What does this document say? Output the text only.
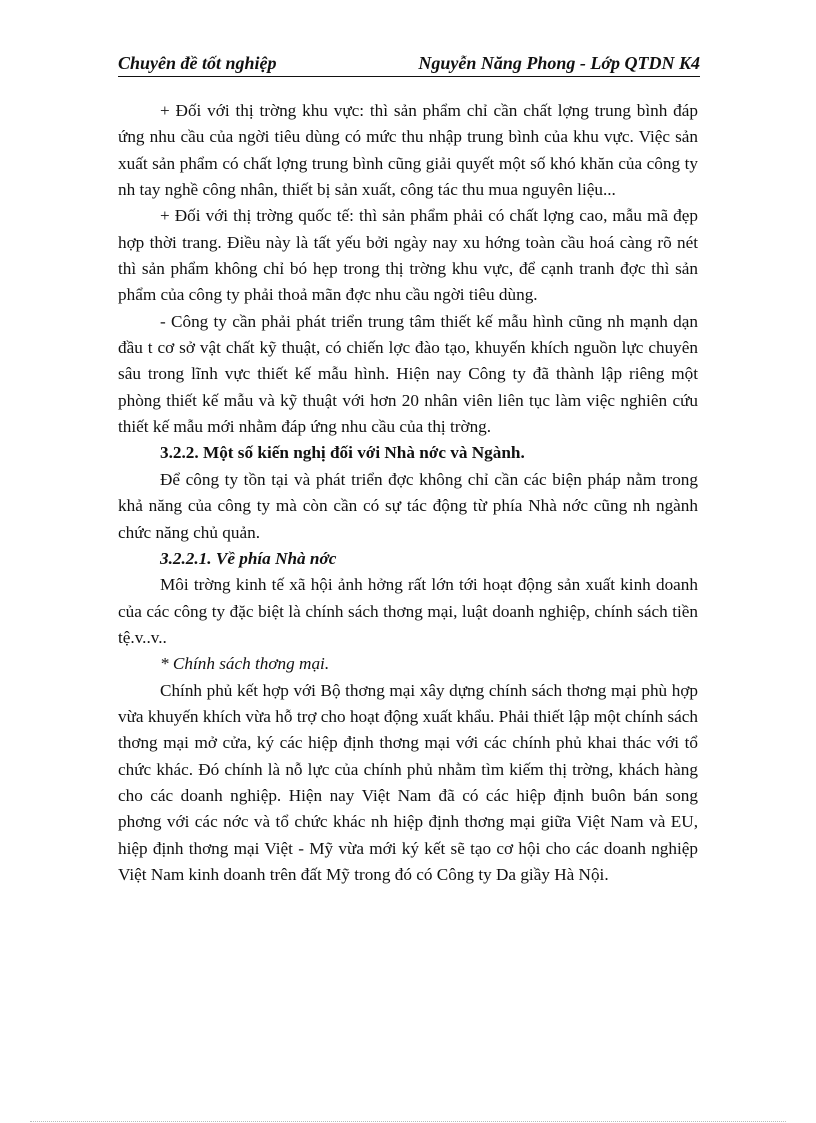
Chuyên đề tốt nghiệp	Nguyễn Năng Phong - Lớp QTDN K4

+ Đối với thị trờng khu vực: thì sản phẩm chỉ cần chất lợng trung bình đáp ứng nhu cầu của ngời tiêu dùng có mức thu nhập trung bình của khu vực. Việc sản xuất sản phẩm có chất lợng trung bình cũng giải quyết một số khó khăn của công ty nh tay nghề công nhân, thiết bị sản xuất, công tác thu mua nguyên liệu...

+ Đối với thị trờng quốc tế: thì sản phẩm phải có chất lợng cao, mẫu mã đẹp hợp thời trang. Điều này là tất yếu bởi ngày nay xu hớng toàn cầu hoá càng rõ nét thì sản phẩm không chỉ bó hẹp trong thị trờng khu vực, để cạnh tranh đợc thì sản phẩm của công ty phải thoả mãn đợc nhu cầu ngời tiêu dùng.

- Công ty cần phải phát triển trung tâm thiết kế mẫu hình cũng nh mạnh dạn đầu t cơ sở vật chất kỹ thuật, có chiến lợc đào tạo, khuyến khích nguồn lực chuyên sâu trong lĩnh vực thiết kế mẫu hình. Hiện nay Công ty đã thành lập riêng một phòng thiết kế mẫu và kỹ thuật với hơn 20 nhân viên liên tục làm việc nghiên cứu thiết kế mẫu mới nhằm đáp ứng nhu cầu của thị trờng.

3.2.2. Một số kiến nghị đối với Nhà nớc và Ngành.

Để công ty tồn tại và phát triển đợc không chỉ cần các biện pháp nằm trong khả năng của công ty mà còn cần có sự tác động từ phía Nhà nớc cũng nh ngành chức năng chủ quản.

3.2.2.1. Về phía Nhà nớc

Môi trờng kinh tế xã hội ảnh hởng rất lớn tới hoạt động sản xuất kinh doanh của các công ty đặc biệt là chính sách thơng mại, luật doanh nghiệp, chính sách tiền tệ.v..v..

* Chính sách thơng mại.

Chính phủ kết hợp với Bộ thơng mại xây dựng chính sách thơng mại phù hợp vừa khuyến khích vừa hỗ trợ cho hoạt động xuất khẩu. Phải thiết lập một chính sách thơng mại mở cửa, ký các hiệp định thơng mại với các chính phủ khai thác với tổ chức khác. Đó chính là nỗ lực của chính phủ nhằm tìm kiếm thị trờng, khách hàng cho các doanh nghiệp. Hiện nay Việt Nam đã có các hiệp định buôn bán song phơng với các nớc và tổ chức khác nh hiệp định thơng mại giữa Việt Nam và EU, hiệp định thơng mại Việt - Mỹ vừa mới ký kết sẽ tạo cơ hội cho các doanh nghiệp Việt Nam kinh doanh trên đất Mỹ trong đó có Công ty Da giầy Hà Nội.
